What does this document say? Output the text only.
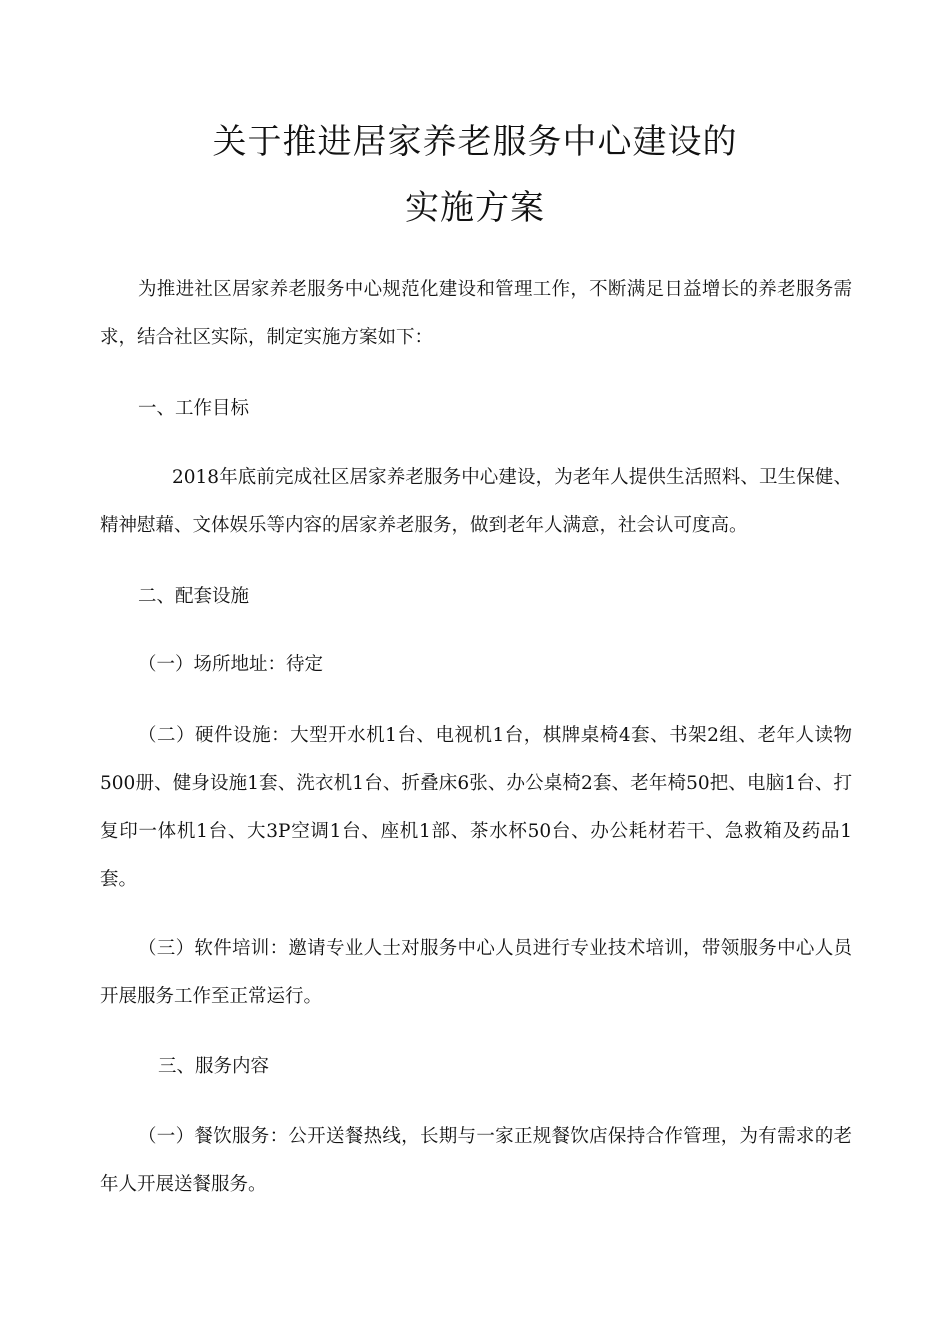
关于推进居家养老服务中心建设的
实施方案
为推进社区居家养老服务中心规范化建设和管理工作，不断满足日益增长的养老服务需求，结合社区实际，制定实施方案如下：
一、工作目标
2018年底前完成社区居家养老服务中心建设，为老年人提供生活照料、卫生保健、精神慰藉、文体娱乐等内容的居家养老服务，做到老年人满意，社会认可度高。
二、配套设施
（一）场所地址：待定
（二）硬件设施：大型开水机1台、电视机1台，棋牌桌椅4套、书架2组、老年人读物500册、健身设施1套、洗衣机1台、折叠床6张、办公桌椅2套、老年椅50把、电脑1台、打复印一体机1台、大3P空调1台、座机1部、茶水杯50台、办公耗材若干、急救箱及药品1套。
（三）软件培训：邀请专业人士对服务中心人员进行专业技术培训，带领服务中心人员开展服务工作至正常运行。
三、服务内容
（一）餐饮服务：公开送餐热线，长期与一家正规餐饮店保持合作管理，为有需求的老年人开展送餐服务。
